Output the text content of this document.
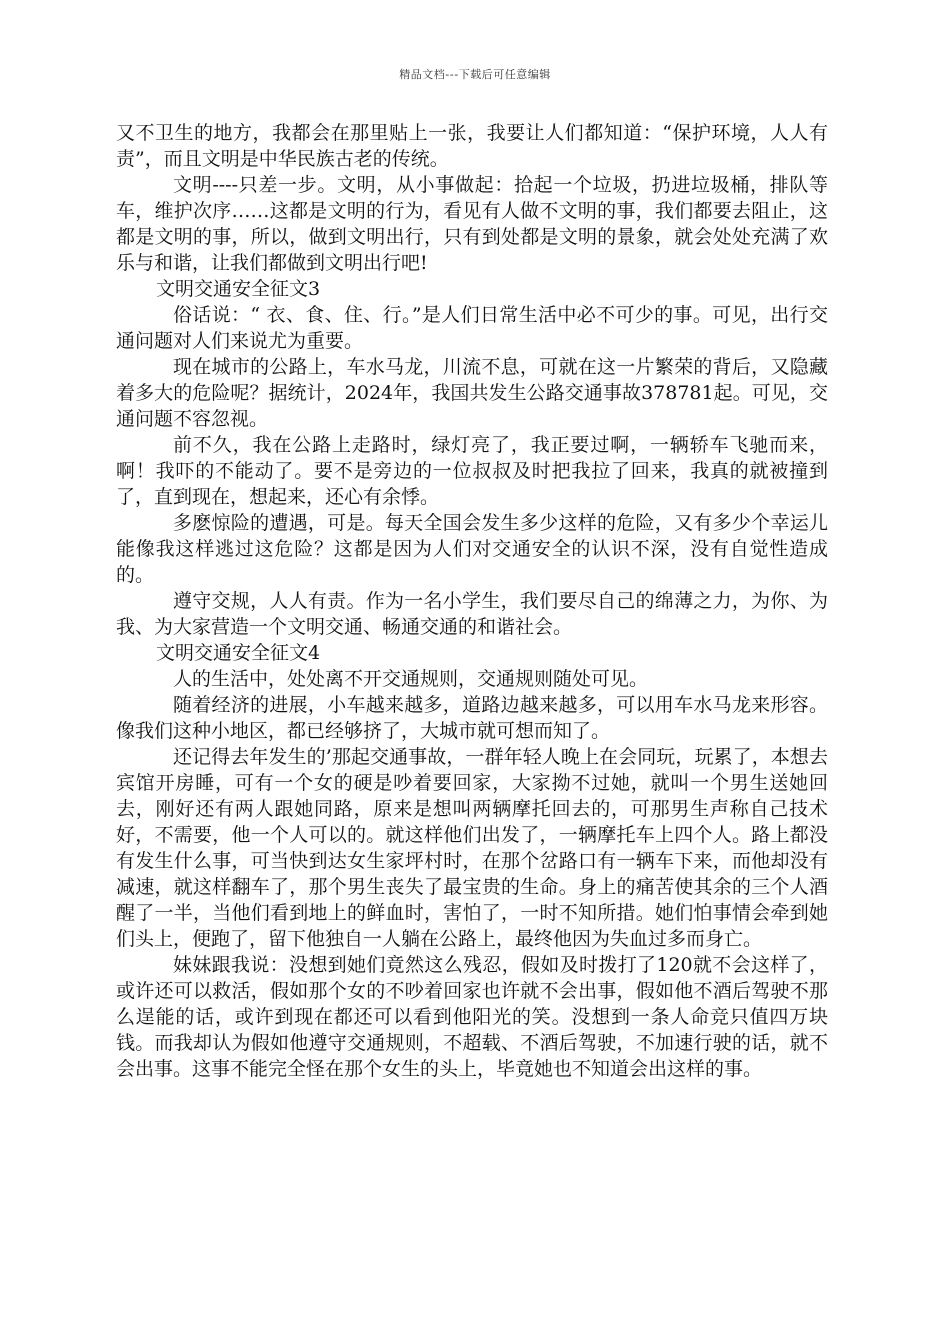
精品文档---下载后可任意编辑

又不卫生的地方，我都会在那里贴上一张，我要让人们都知道：“保护环境，人人有责”，而且文明是中华民族古老的传统。

文明----只差一步。文明，从小事做起：拾起一个垃圾，扔进垃圾桶，排队等车，维护次序……这都是文明的行为，看见有人做不文明的事，我们都要去阻止，这都是文明的事，所以，做到文明出行，只有到处都是文明的景象，就会处处充满了欢乐与和谐，让我们都做到文明出行吧!

文明交通安全征文3

俗话说：“ 衣、食、住、行。”是人们日常生活中必不可少的事。可见，出行交通问题对人们来说尤为重要。

现在城市的公路上，车水马龙，川流不息，可就在这一片繁荣的背后，又隐藏着多大的危险呢？据统计，2024年，我国共发生公路交通事故378781起。可见，交通问题不容忽视。

前不久，我在公路上走路时，绿灯亮了，我正要过啊，一辆轿车飞驰而来，啊！我吓的不能动了。要不是旁边的一位叔叔及时把我拉了回来，我真的就被撞到了，直到现在，想起来，还心有余悸。

多麽惊险的遭遇，可是。每天全国会发生多少这样的危险，又有多少个幸运儿能像我这样逃过这危险？这都是因为人们对交通安全的认识不深，没有自觉性造成的。

遵守交规，人人有责。作为一名小学生，我们要尽自己的绵薄之力，为你、为我、为大家营造一个文明交通、畅通交通的和谐社会。

文明交通安全征文4

人的生活中，处处离不开交通规则，交通规则随处可见。

随着经济的进展，小车越来越多，道路边越来越多，可以用车水马龙来形容。像我们这种小地区，都已经够挤了，大城市就可想而知了。

还记得去年发生的’那起交通事故，一群年轻人晚上在会同玩，玩累了，本想去宾馆开房睡，可有一个女的硬是吵着要回家，大家拗不过她，就叫一个男生送她回去，刚好还有两人跟她同路，原来是想叫两辆摩托回去的，可那男生声称自己技术好，不需要，他一个人可以的。就这样他们出发了，一辆摩托车上四个人。路上都没有发生什么事，可当快到达女生家坪村时，在那个岔路口有一辆车下来，而他却没有减速，就这样翻车了，那个男生丧失了最宝贵的生命。身上的痛苦使其余的三个人酒醒了一半，当他们看到地上的鲜血时，害怕了，一时不知所措。她们怕事情会牵到她们头上，便跑了，留下他独自一人躺在公路上，最终他因为失血过多而身亡。

妹妹跟我说：没想到她们竟然这么残忍，假如及时拨打了120就不会这样了，或许还可以救活，假如那个女的不吵着回家也许就不会出事，假如他不酒后驾驶不那么逞能的话，或许到现在都还可以看到他阳光的笑。没想到一条人命竞只值四万块钱。而我却认为假如他遵守交通规则，不超载、不酒后驾驶，不加速行驶的话，就不会出事。这事不能完全怪在那个女生的头上，毕竟她也不知道会出这样的事。
